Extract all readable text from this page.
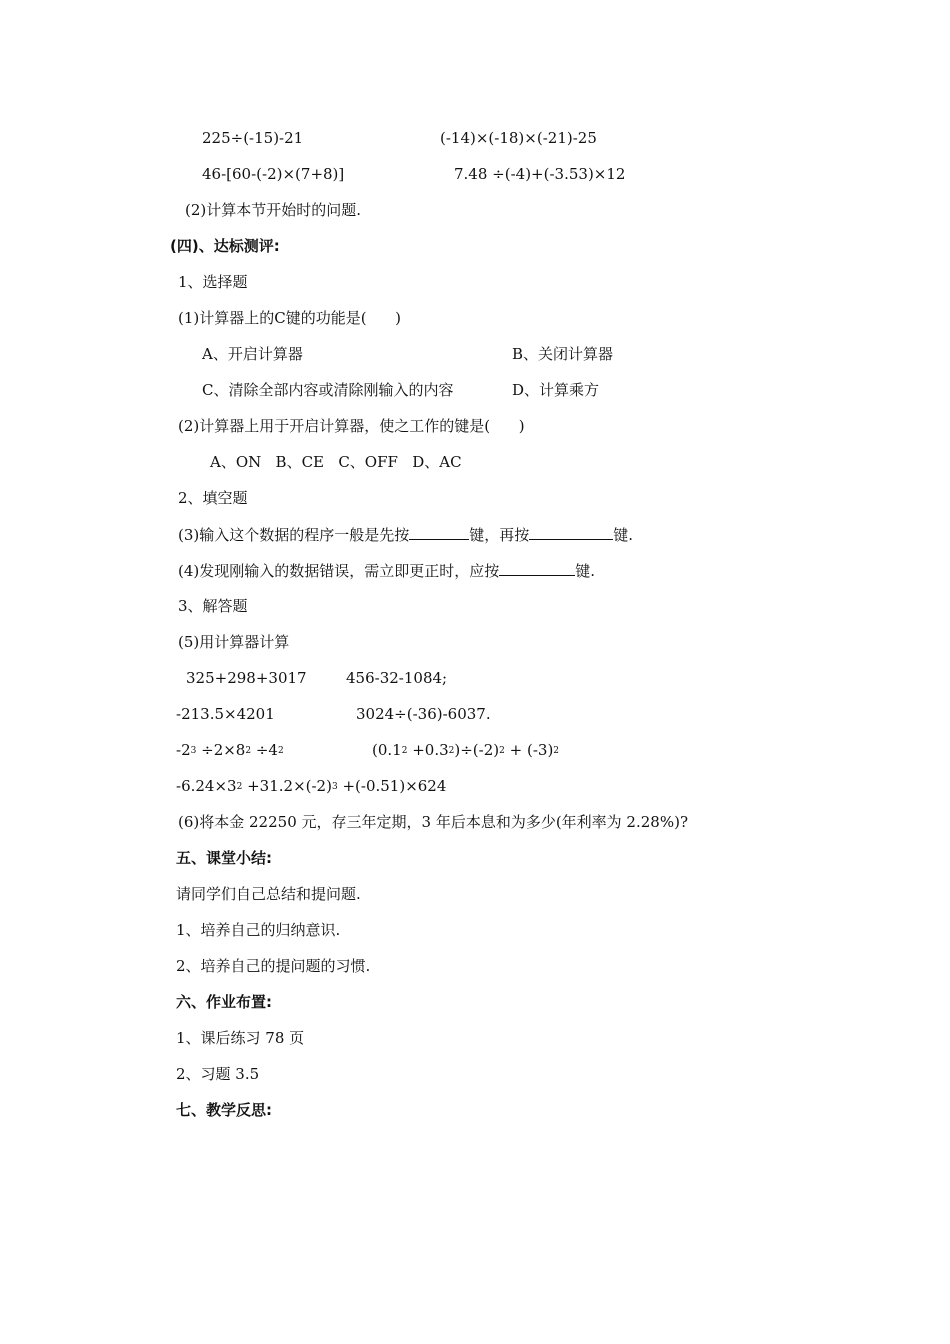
225÷(-15)-21	(-14)×(-18)×(-21)-25
46-[60-(-2)×(7+8)]	7.48 ÷(-4)+(-3.53)×12
(2)计算本节开始时的问题.
(四)、达标测评:
1、选择题
(1)计算器上的C键的功能是(      )
A、开启计算器	B、关闭计算器
C、清除全部内容或清除刚输入的内容	D、计算乘方
(2)计算器上用于开启计算器，使之工作的键是(      )
A、ON   B、CE   C、OFF   D、AC
2、填空题
(3)输入这个数据的程序一般是先按	键，再按	键.
(4)发现刚输入的数据错误，需立即更正时，应按	键.
3、解答题
(5)用计算器计算
325+298+3017	456-32-1084;
-213.5×4201	3024÷(-36)-6037.
$-2^3 \div 2\times 8^2 \div 4^2$	$(0.1^2 +0.3^2)\div(-2)^2 + (-3)^2$
$-6.24\times 3^2 +31.2\times(-2)^3 +(-0.51)\times 624$
(6)将本金 22250 元，存三年定期，3 年后本息和为多少(年利率为 2.28%)?
五、课堂小结:
请同学们自己总结和提问题.
1、培养自己的归纳意识.
2、培养自己的提问题的习惯.
六、作业布置:
1、课后练习 78 页
2、习题 3.5
七、教学反思:
